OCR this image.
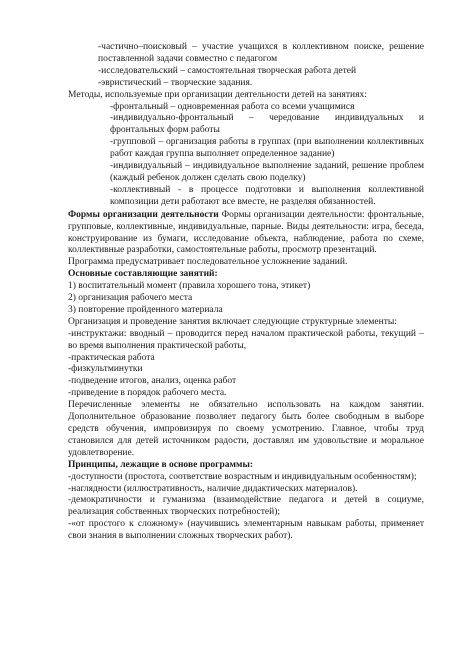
-частично–поисковый – участие учащихся в коллективном поиске, решение поставленной задачи совместно с педагогом

-исследовательский – самостоятельная творческая работа детей

-эвристический – творческие задания.

Методы, используемые при организации деятельности детей на занятиях:

-фронтальный – одновременная работа со всеми учащимися

-индивидуально-фронтальный – чередование индивидуальных и фронтальных форм работы

-групповой – организация работы в группах (при выполнении коллективных работ каждая группа выполняет определенное задание)

-индивидуальный – индивидуальное выполнение заданий, решение проблем (каждый ребенок должен сделать свою поделку)

-коллективный - в процессе подготовки и выполнения коллективной композиции дети работают все вместе, не разделяя обязанностей.

Формы организации деятельности Формы организации деятельности: фронтальные, групповые, коллективные, индивидуальные, парные. Виды деятельности: игра, беседа, конструирование из бумаги, исследование объекта, наблюдение, работа по схеме, коллективные разработки, самостоятельные работы, просмотр презентаций.

Программа предусматривает последовательное усложнение заданий.

Основные составляющие занятий:

1) воспитательный момент (правила хорошего тона, этикет)

2) организация рабочего места

3) повторение пройденного материала

Организация и проведение занятия включает следующие структурные элементы:

-инструктажи: вводный – проводится перед началом практической работы, текущий – во время выполнения практической работы,

-практическая работа

-физкультминутки

-подведение итогов, анализ, оценка работ

-приведение в порядок рабочего места.

Перечисленные элементы не обязательно использовать на каждом занятии. Дополнительное образование позволяет педагогу быть более свободным в выборе средств обучения, импровизируя по своему усмотрению. Главное, чтобы труд становился для детей источником радости, доставлял им удовольствие и моральное удовлетворение.

Принципы, лежащие в основе программы:

-доступности (простота, соответствие возрастным и индивидуальным особенностям);

-наглядности (иллюстративность, наличие дидактических материалов).

-демократичности и гуманизма (взаимодействие педагога и детей в социуме, реализация собственных творческих потребностей);

-«от простого к сложному» (научившись элементарным навыкам работы, применяет свои знания в выполнении сложных творческих работ).
